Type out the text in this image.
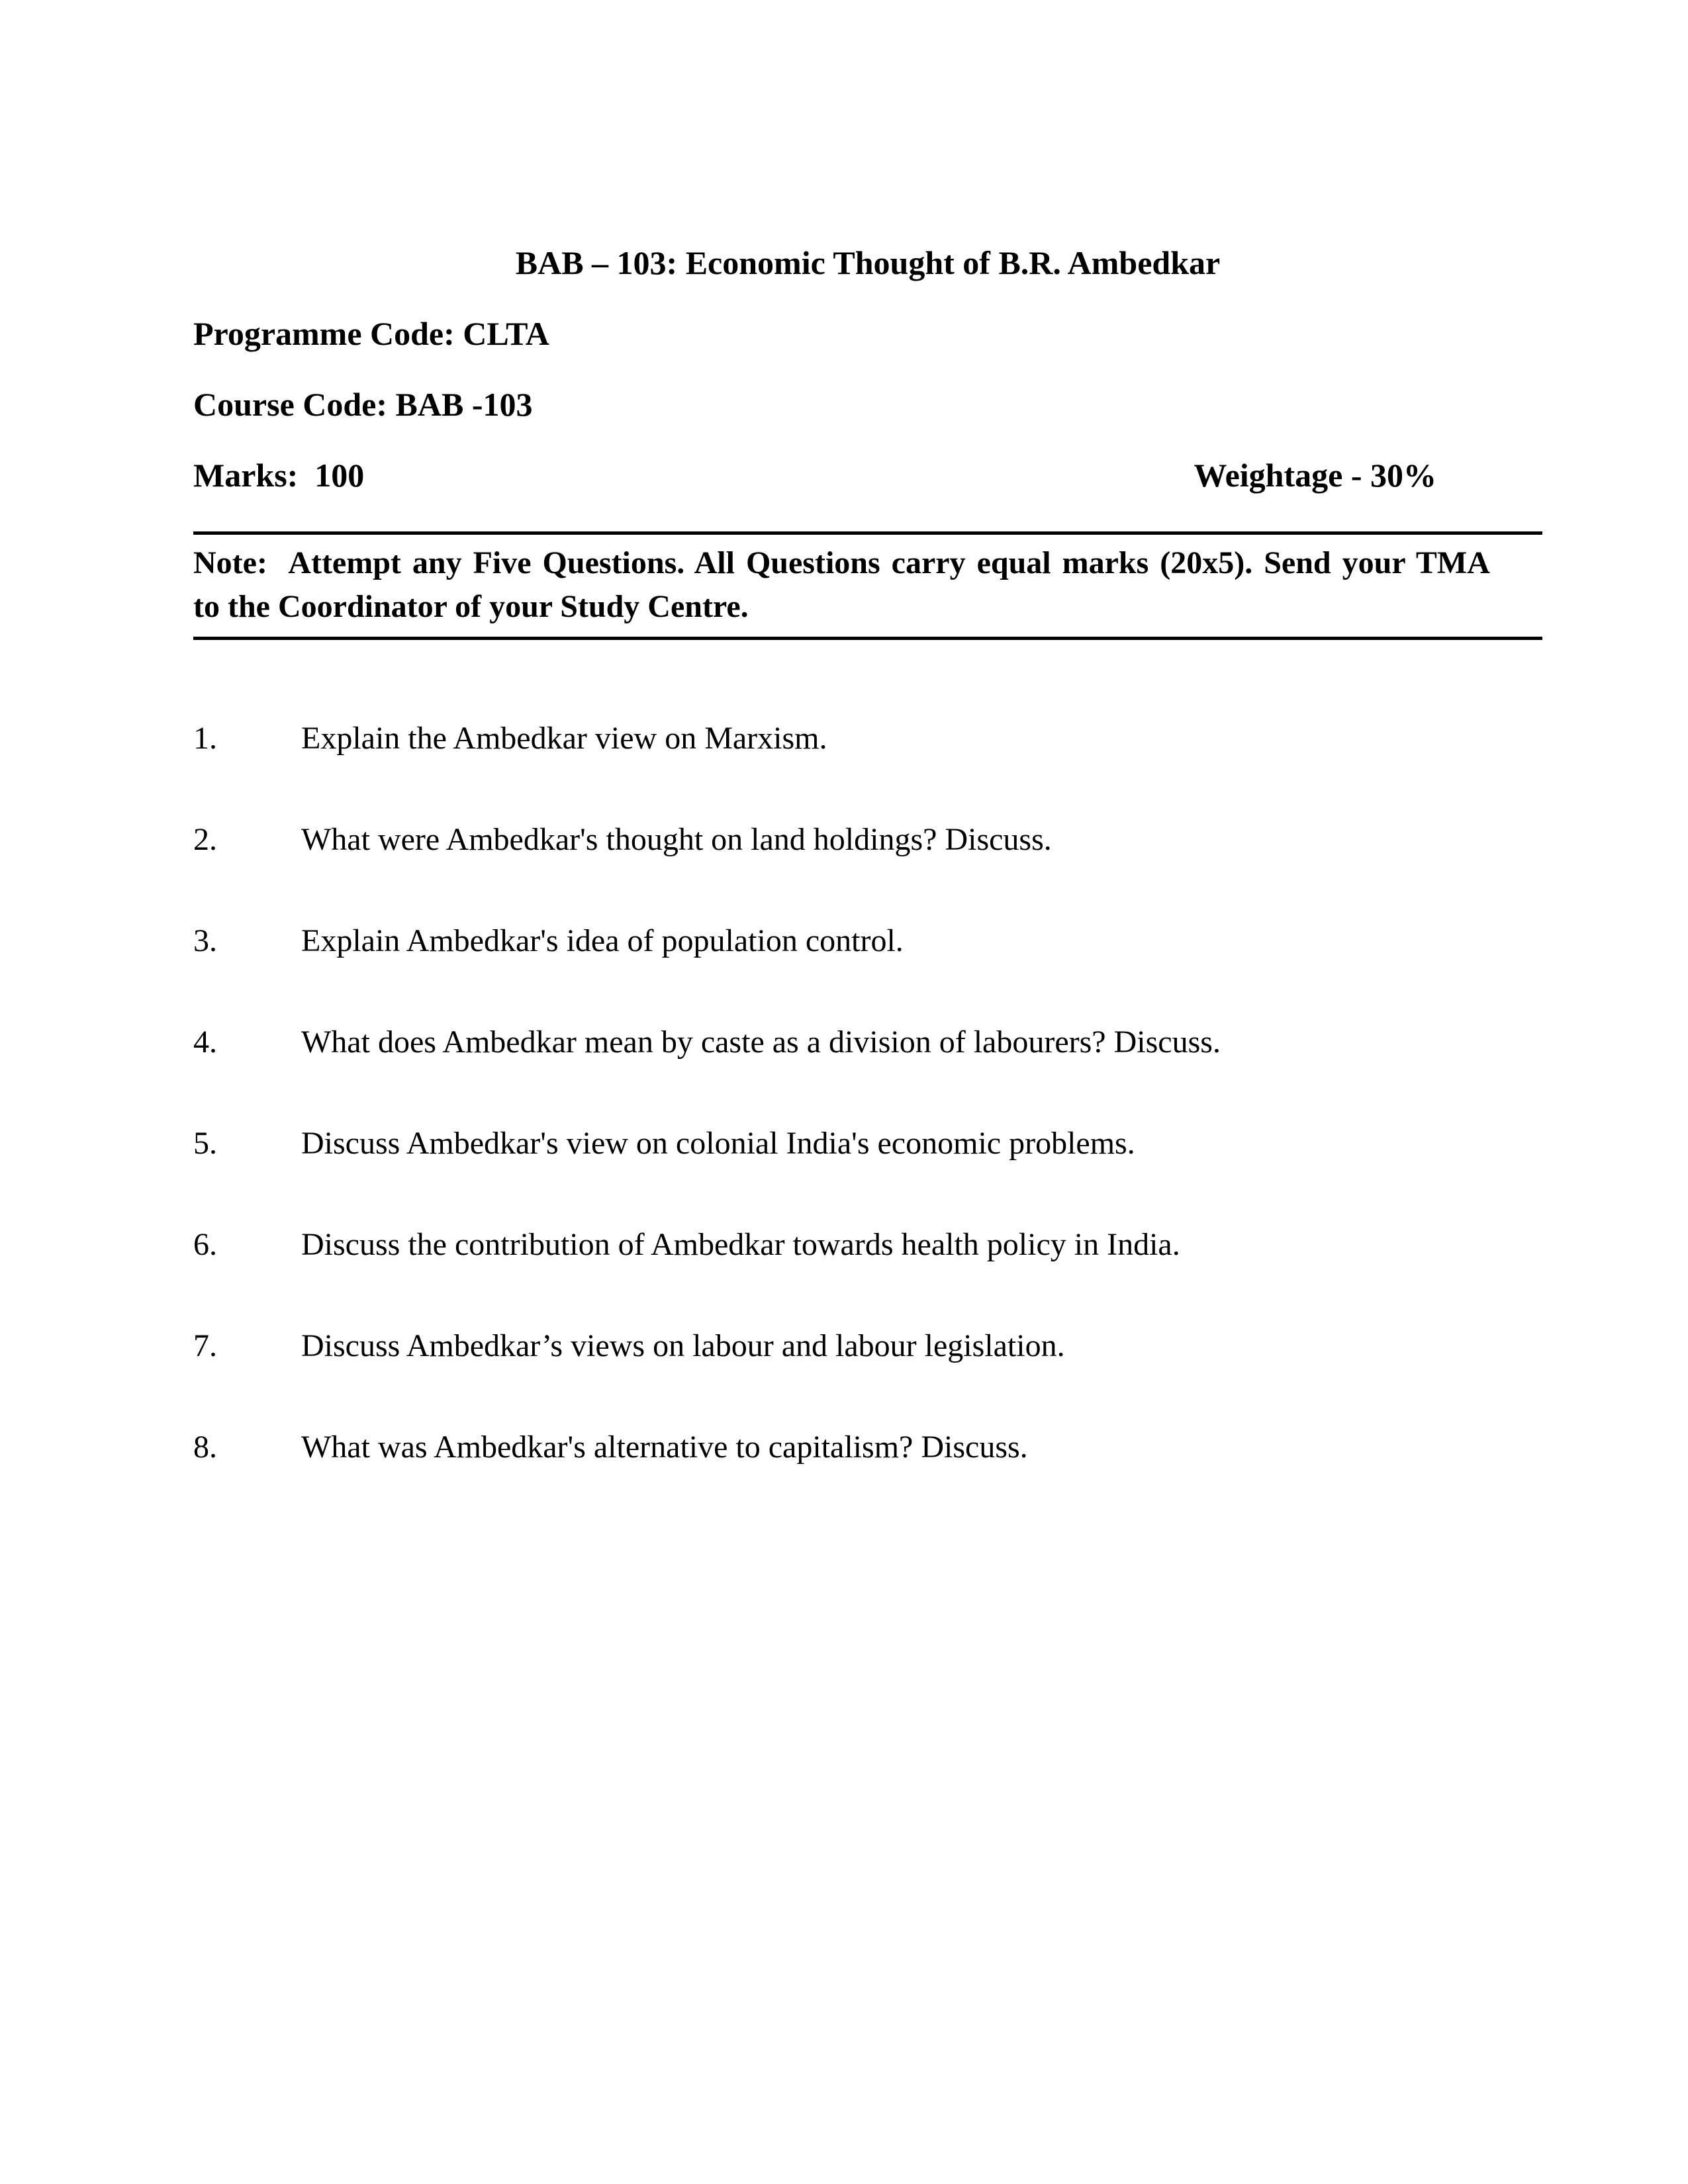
BAB – 103: Economic Thought of B.R. Ambedkar

Programme Code: CLTA

Course Code: BAB -103

Marks:  100	Weightage - 30%
Note:  Attempt any Five Questions. All Questions carry equal marks (20x5). Send your TMA
to the Coordinator of your Study Centre.
1.	Explain the Ambedkar view on Marxism.
2.	What were Ambedkar's thought on land holdings? Discuss.
3.	Explain Ambedkar's idea of population control.
4.	What does Ambedkar mean by caste as a division of labourers? Discuss.
5.	Discuss Ambedkar's view on colonial India's economic problems.
6.	Discuss the contribution of Ambedkar towards health policy in India.
7.	Discuss Ambedkar’s views on labour and labour legislation.
8.	What was Ambedkar's alternative to capitalism? Discuss.
